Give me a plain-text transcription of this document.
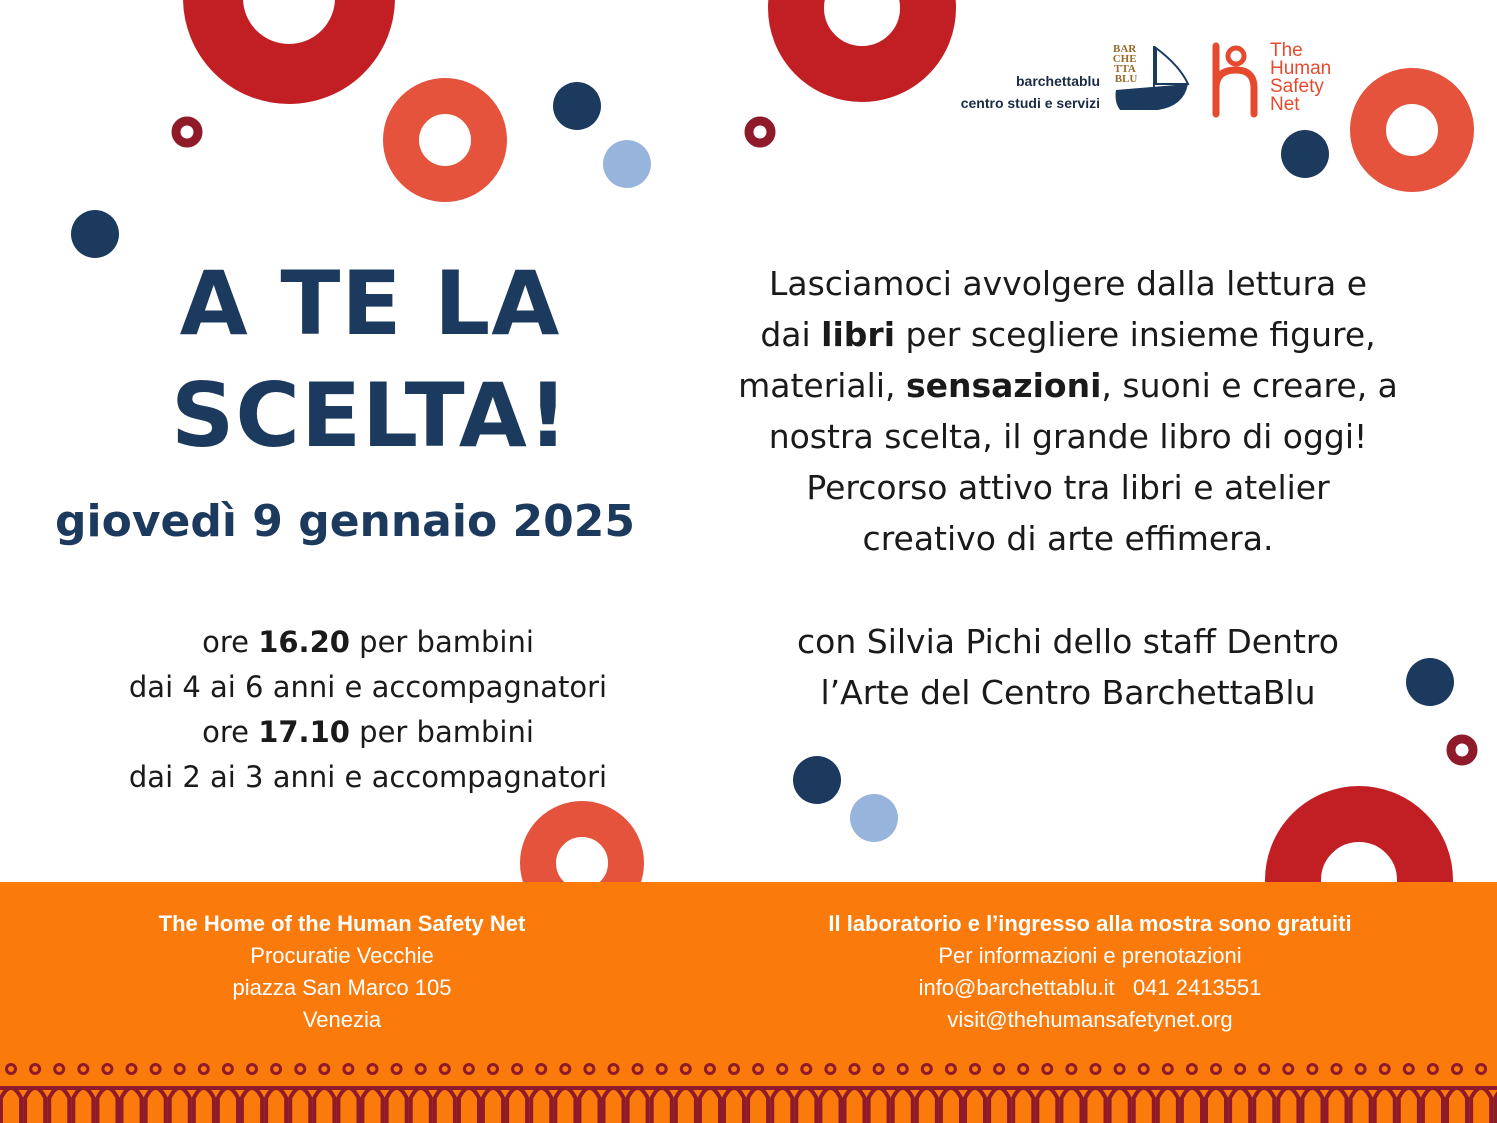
barchettablu
centro studi e servizi
BAR CHE TTA BLU
The
Human
Safety
Net
A TE LA
SCELTA!
giovedì 9 gennaio 2025
ore 16.20 per bambini
dai 4 ai 6 anni e accompagnatori
ore 17.10 per bambini
dai 2 ai 3 anni e accompagnatori
Lasciamoci avvolgere dalla lettura e
dai libri per scegliere insieme figure,
materiali, sensazioni, suoni e creare, a
nostra scelta, il grande libro di oggi!
Percorso attivo tra libri e atelier
creativo di arte effimera.
con Silvia Pichi dello staff Dentro
l’Arte del Centro BarchettaBlu
The Home of the Human Safety Net
Procuratie Vecchie
piazza San Marco 105
Venezia
Il laboratorio e l’ingresso alla mostra sono gratuiti
Per informazioni e prenotazioni
info@barchettablu.it 041 2413551
visit@thehumansafetynet.org
